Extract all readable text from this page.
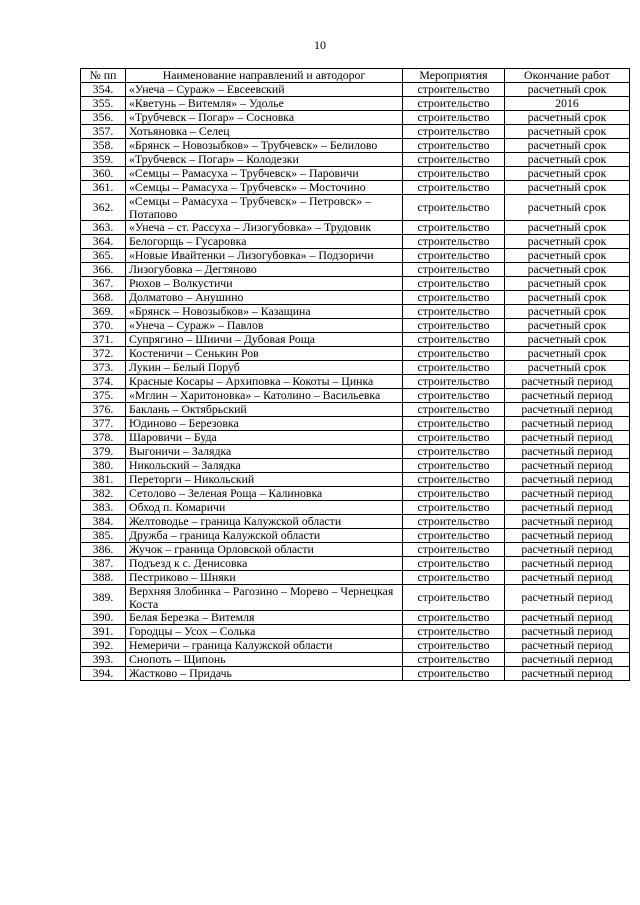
10
№ пп	Наименование направлений и автодорог	Мероприятия	Окончание работ
354.	«Унеча – Сураж» – Евсеевский	строительство	расчетный срок
355.	«Кветунь – Витемля» – Удолье	строительство	2016
356.	«Трубчевск – Погар» – Сосновка	строительство	расчетный срок
357.	Хотьяновка – Селец	строительство	расчетный срок
358.	«Брянск – Новозыбков» – Трубчевск» – Белилово	строительство	расчетный срок
359.	«Трубчевск – Погар» – Колодезки	строительство	расчетный срок
360.	«Семцы – Рамасуха – Трубчевск» – Паровичи	строительство	расчетный срок
361.	«Семцы – Рамасуха – Трубчевск» – Мосточино	строительство	расчетный срок
362.	«Семцы – Рамасуха – Трубчевск» – Петровск» – Потапово	строительство	расчетный срок
363.	«Унеча – ст. Рассуха – Лизогубовка» – Трудовик	строительство	расчетный срок
364.	Белогорщь – Гусаровка	строительство	расчетный срок
365.	«Новые Ивайтенки – Лизогубовка» – Подзоричи	строительство	расчетный срок
366.	Лизогубовка – Дегтяново	строительство	расчетный срок
367.	Рюхов – Волкустичи	строительство	расчетный срок
368.	Долматово – Анушино	строительство	расчетный срок
369.	«Брянск – Новозыбков» – Казащина	строительство	расчетный срок
370.	«Унеча – Сураж» – Павлов	строительство	расчетный срок
371.	Супрягино – Шиичи – Дубовая Роща	строительство	расчетный срок
372.	Костеничи – Сенькин Ров	строительство	расчетный срок
373.	Лукин – Белый Поруб	строительство	расчетный срок
374.	Красные Косары – Архиповка – Кокоты – Цинка	строительство	расчетный период
375.	«Мглин – Харитоновка» – Католино – Васильевка	строительство	расчетный период
376.	Баклань – Октябрьский	строительство	расчетный период
377.	Юдиново – Березовка	строительство	расчетный период
378.	Шаровичи – Буда	строительство	расчетный период
379.	Выгоничи – Залядка	строительство	расчетный период
380.	Никольский – Залядка	строительство	расчетный период
381.	Переторги – Никольский	строительство	расчетный период
382.	Сетолово – Зеленая Роща – Калиновка	строительство	расчетный период
383.	Обход п. Комаричи	строительство	расчетный период
384.	Желтоводье – граница Калужской области	строительство	расчетный период
385.	Дружба – граница Калужской области	строительство	расчетный период
386.	Жучок – граница Орловской области	строительство	расчетный период
387.	Подъезд к с. Денисовка	строительство	расчетный период
388.	Пестриково – Шняки	строительство	расчетный период
389.	Верхняя Злобинка – Рагозино – Морево – Чернецкая Коста	строительство	расчетный период
390.	Белая Березка – Витемля	строительство	расчетный период
391.	Городцы – Усох – Солька	строительство	расчетный период
392.	Немеричи – граница Калужской области	строительство	расчетный период
393.	Снопоть – Щипонь	строительство	расчетный период
394.	Жастково – Придачь	строительство	расчетный период
